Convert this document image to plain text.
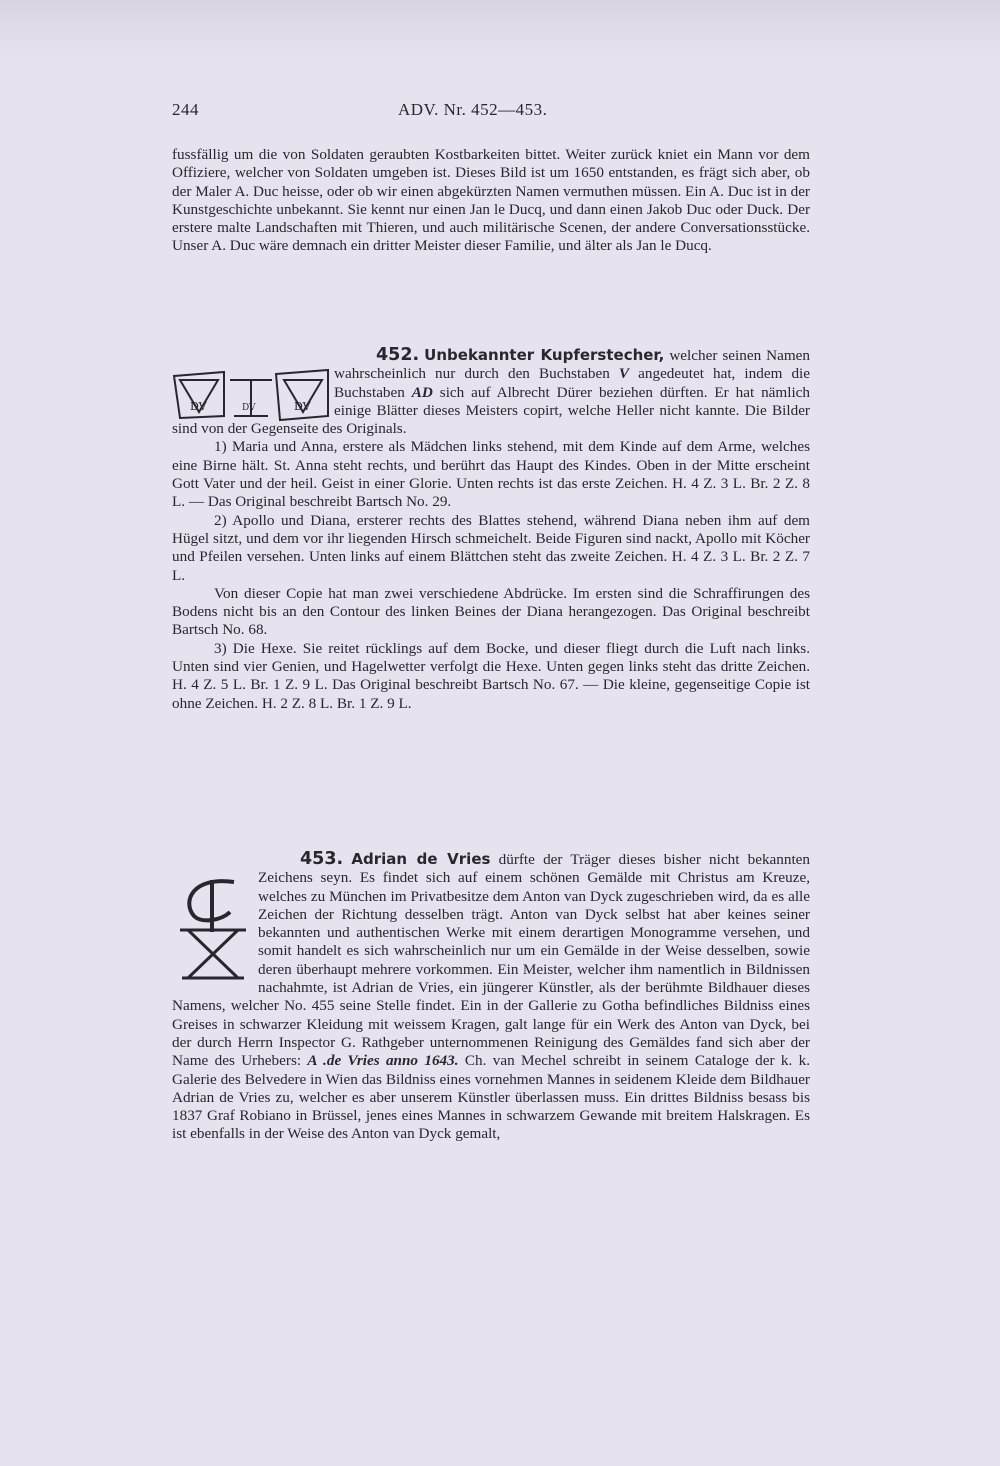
244	ADV. Nr. 452—453.

fussfällig um die von Soldaten geraubten Kostbarkeiten bittet. Weiter zurück kniet ein Mann vor dem Offiziere, welcher von Soldaten umgeben ist. Dieses Bild ist um 1650 entstanden, es frägt sich aber, ob der Maler A. Duc heisse, oder ob wir einen abgekürzten Namen vermuthen müssen. Ein A. Duc ist in der Kunstgeschichte unbekannt. Sie kennt nur einen Jan le Ducq, und dann einen Jakob Duc oder Duck. Der erstere malte Landschaften mit Thieren, und auch militärische Scenen, der andere Conversationsstücke. Unser A. Duc wäre demnach ein dritter Meister dieser Familie, und älter als Jan le Ducq.

DV	DV	DV

452. Unbekannter Kupferstecher, welcher seinen Namen wahrscheinlich nur durch den Buchstaben V angedeutet hat, indem die Buchstaben AD sich auf Albrecht Dürer beziehen dürften. Er hat nämlich einige Blätter dieses Meisters copirt, welche Heller nicht kannte. Die Bilder sind von der Gegenseite des Originals.

1) Maria und Anna, erstere als Mädchen links stehend, mit dem Kinde auf dem Arme, welches eine Birne hält. St. Anna steht rechts, und berührt das Haupt des Kindes. Oben in der Mitte erscheint Gott Vater und der heil. Geist in einer Glorie. Unten rechts ist das erste Zeichen. H. 4 Z. 3 L. Br. 2 Z. 8 L. — Das Original beschreibt Bartsch No. 29.

2) Apollo und Diana, ersterer rechts des Blattes stehend, während Diana neben ihm auf dem Hügel sitzt, und dem vor ihr liegenden Hirsch schmeichelt. Beide Figuren sind nackt, Apollo mit Köcher und Pfeilen versehen. Unten links auf einem Blättchen steht das zweite Zeichen. H. 4 Z. 3 L. Br. 2 Z. 7 L.

Von dieser Copie hat man zwei verschiedene Abdrücke. Im ersten sind die Schraffirungen des Bodens nicht bis an den Contour des linken Beines der Diana herangezogen. Das Original beschreibt Bartsch No. 68.

3) Die Hexe. Sie reitet rücklings auf dem Bocke, und dieser fliegt durch die Luft nach links. Unten sind vier Genien, und Hagelwetter verfolgt die Hexe. Unten gegen links steht das dritte Zeichen. H. 4 Z. 5 L. Br. 1 Z. 9 L. Das Original beschreibt Bartsch No. 67. — Die kleine, gegenseitige Copie ist ohne Zeichen. H. 2 Z. 8 L. Br. 1 Z. 9 L.

453. Adrian de Vries dürfte der Träger dieses bisher nicht bekannten Zeichens seyn. Es findet sich auf einem schönen Gemälde mit Christus am Kreuze, welches zu München im Privatbesitze dem Anton van Dyck zugeschrieben wird, da es alle Zeichen der Richtung desselben trägt. Anton van Dyck selbst hat aber keines seiner bekannten und authentischen Werke mit einem derartigen Monogramme versehen, und somit handelt es sich wahrscheinlich nur um ein Gemälde in der Weise desselben, sowie deren überhaupt mehrere vorkommen. Ein Meister, welcher ihm namentlich in Bildnissen nachahmte, ist Adrian de Vries, ein jüngerer Künstler, als der berühmte Bildhauer dieses Namens, welcher No. 455 seine Stelle findet. Ein in der Gallerie zu Gotha befindliches Bildniss eines Greises in schwarzer Kleidung mit weissem Kragen, galt lange für ein Werk des Anton van Dyck, bei der durch Herrn Inspector G. Rathgeber unternommenen Reinigung des Gemäldes fand sich aber der Name des Urhebers: A .de Vries anno 1643. Ch. van Mechel schreibt in seinem Cataloge der k. k. Galerie des Belvedere in Wien das Bildniss eines vornehmen Mannes in seidenem Kleide dem Bildhauer Adrian de Vries zu, welcher es aber unserem Künstler überlassen muss. Ein drittes Bildniss besass bis 1837 Graf Robiano in Brüssel, jenes eines Mannes in schwarzem Gewande mit breitem Halskragen. Es ist ebenfalls in der Weise des Anton van Dyck gemalt,
